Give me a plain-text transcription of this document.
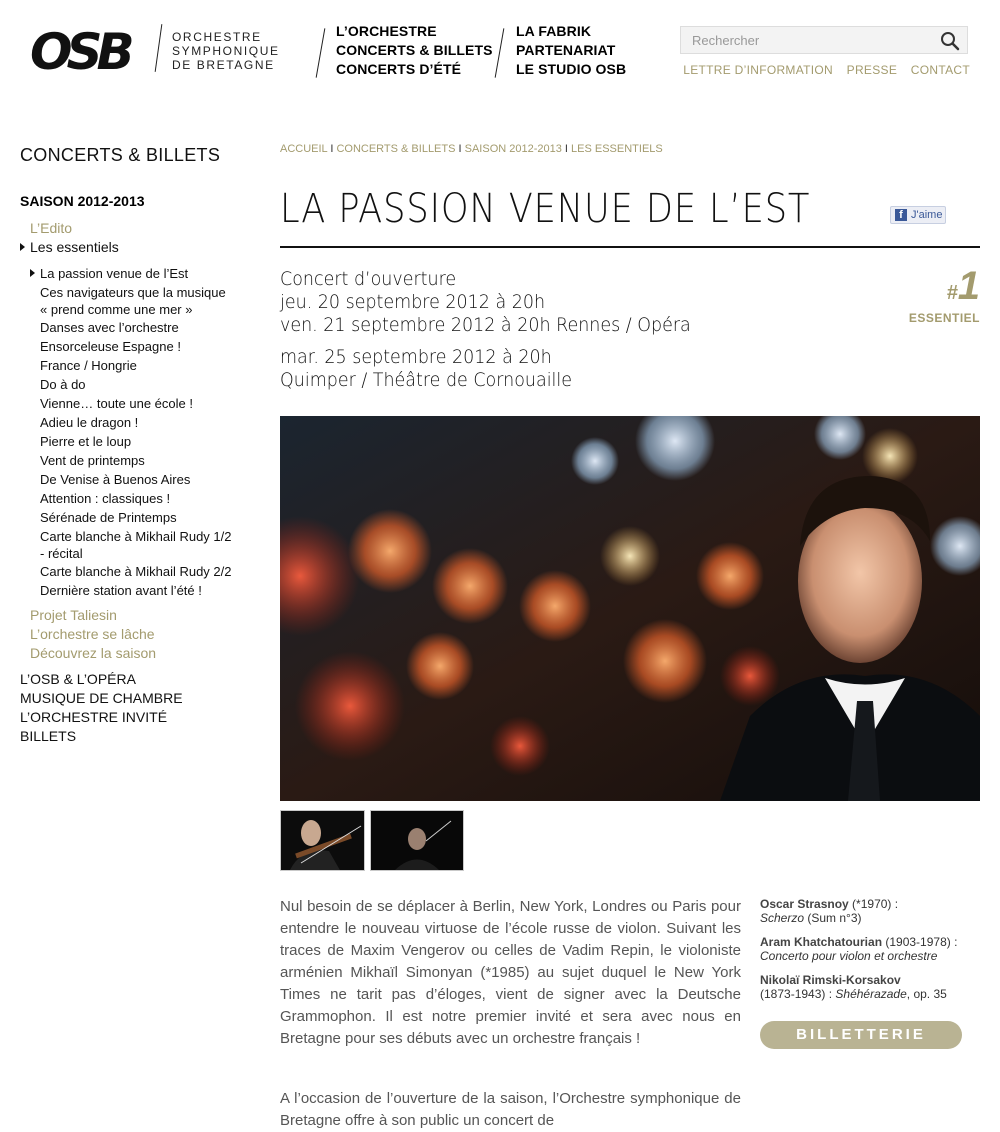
OSB	ORCHESTRE
SYMPHONIQUE
DE BRETAGNE
L’ORCHESTRE
CONCERTS & BILLETS
CONCERTS D’ÉTÉ
LA FABRIK
PARTENARIAT
LE STUDIO OSB
Rechercher	LETTRE D’INFORMATION PRESSE CONTACT
CONCERTS & BILLETS
SAISON 2012-2013
L’Edito
Les essentiels
La passion venue de l’Est
Ces navigateurs que la musique
« prend comme une mer »
Danses avec l’orchestre
Ensorceleuse Espagne !
France / Hongrie
Do à do
Vienne… toute une école !
Adieu le dragon !
Pierre et le loup
Vent de printemps
De Venise à Buenos Aires
Attention : classiques !
Sérénade de Printemps
Carte blanche à Mikhail Rudy 1/2
- récital
Carte blanche à Mikhail Rudy 2/2
Dernière station avant l’été !
Projet Taliesin
L’orchestre se lâche
Découvrez la saison
L’OSB & L’OPÉRA
MUSIQUE DE CHAMBRE
L’ORCHESTRE INVITÉ
BILLETS
ACCUEIL I CONCERTS & BILLETS I SAISON 2012-2013 I LES ESSENTIELS
LA PASSION VENUE DE L’EST	f J'aime
Concert d’ouverture
jeu. 20 septembre 2012 à 20h
ven. 21 septembre 2012 à 20h Rennes / Opéra
mar. 25 septembre 2012 à 20h
Quimper / Théâtre de Cornouaille
#1
ESSENTIEL
Nul besoin de se déplacer à Berlin, New York, Londres ou Paris pour entendre le nouveau virtuose de l’école russe de violon. Suivant les traces de Maxim Vengerov ou celles de Vadim Repin, le violoniste arménien Mikhaïl Simonyan (*1985) au sujet duquel le New York Times ne tarit pas d’éloges, vient de signer avec la Deutsche Grammophon. Il est notre premier invité et sera avec nous en Bretagne pour ses débuts avec un orchestre français !
A l’occasion de l’ouverture de la saison, l’Orchestre symphonique de Bretagne offre à son public un concert de
Oscar Strasnoy (*1970) :
Scherzo (Sum n°3)
Aram Khatchatourian (1903-1978) :
Concerto pour violon et orchestre
Nikolaï Rimski-Korsakov
(1873-1943) : Shéhérazade, op. 35
BILLETTERIE
